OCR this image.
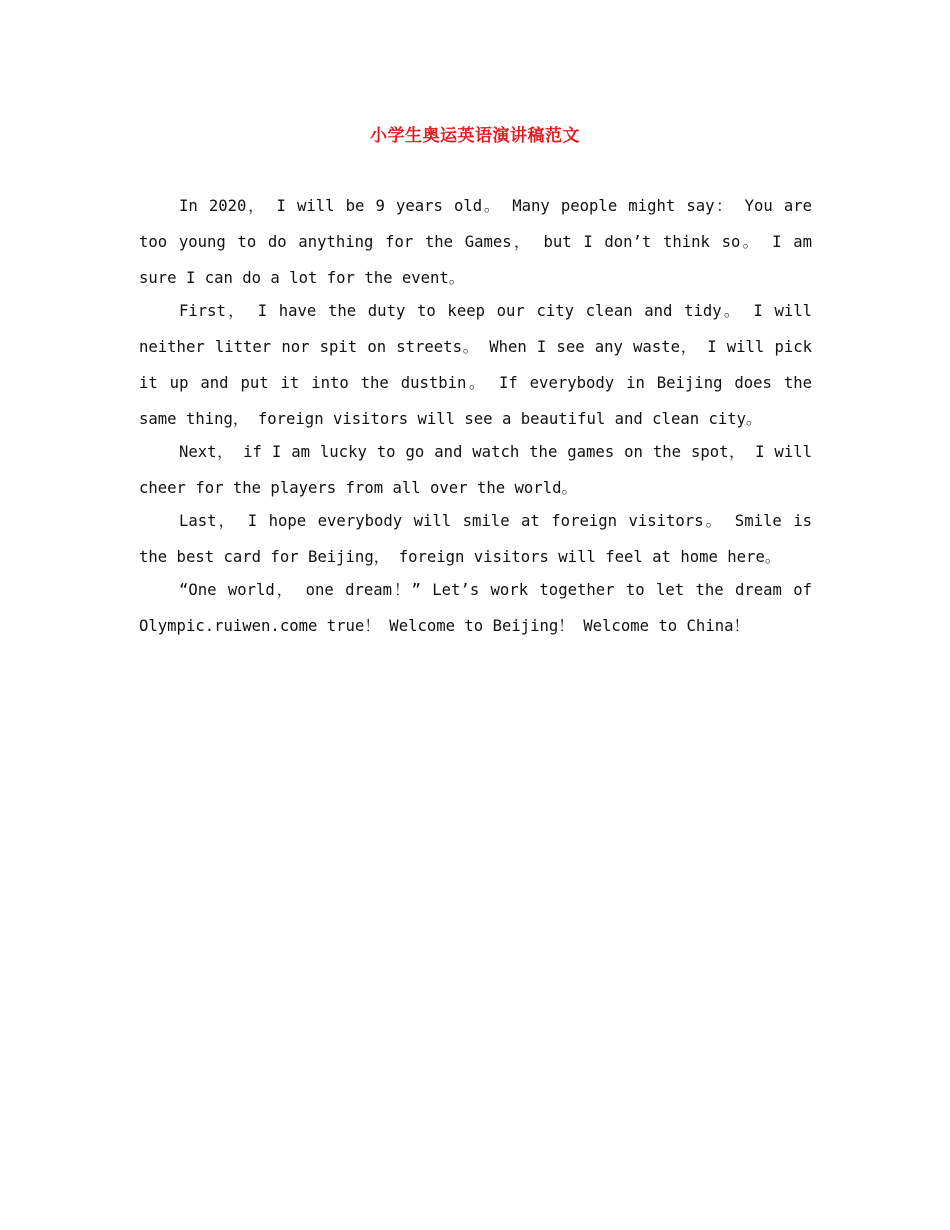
小学生奥运英语演讲稿范文

In 2020， I will be 9 years old。 Many people might say： You are too young to do anything for the Games， but I don’t think so。 I am sure I can do a lot for the event。

First， I have the duty to keep our city clean and tidy。 I will neither litter nor spit on streets。 When I see any waste， I will pick it up and put it into the dustbin。 If everybody in Beijing does the same thing， foreign visitors will see a beautiful and clean city。

Next， if I am lucky to go and watch the games on the spot， I will cheer for the players from all over the world。

Last， I hope everybody will smile at foreign visitors。 Smile is the best card for Beijing， foreign visitors will feel at home here。

“One world， one dream！” Let’s work together to let the dream of Olympic.ruiwen.come true！ Welcome to Beijing！ Welcome to China！
